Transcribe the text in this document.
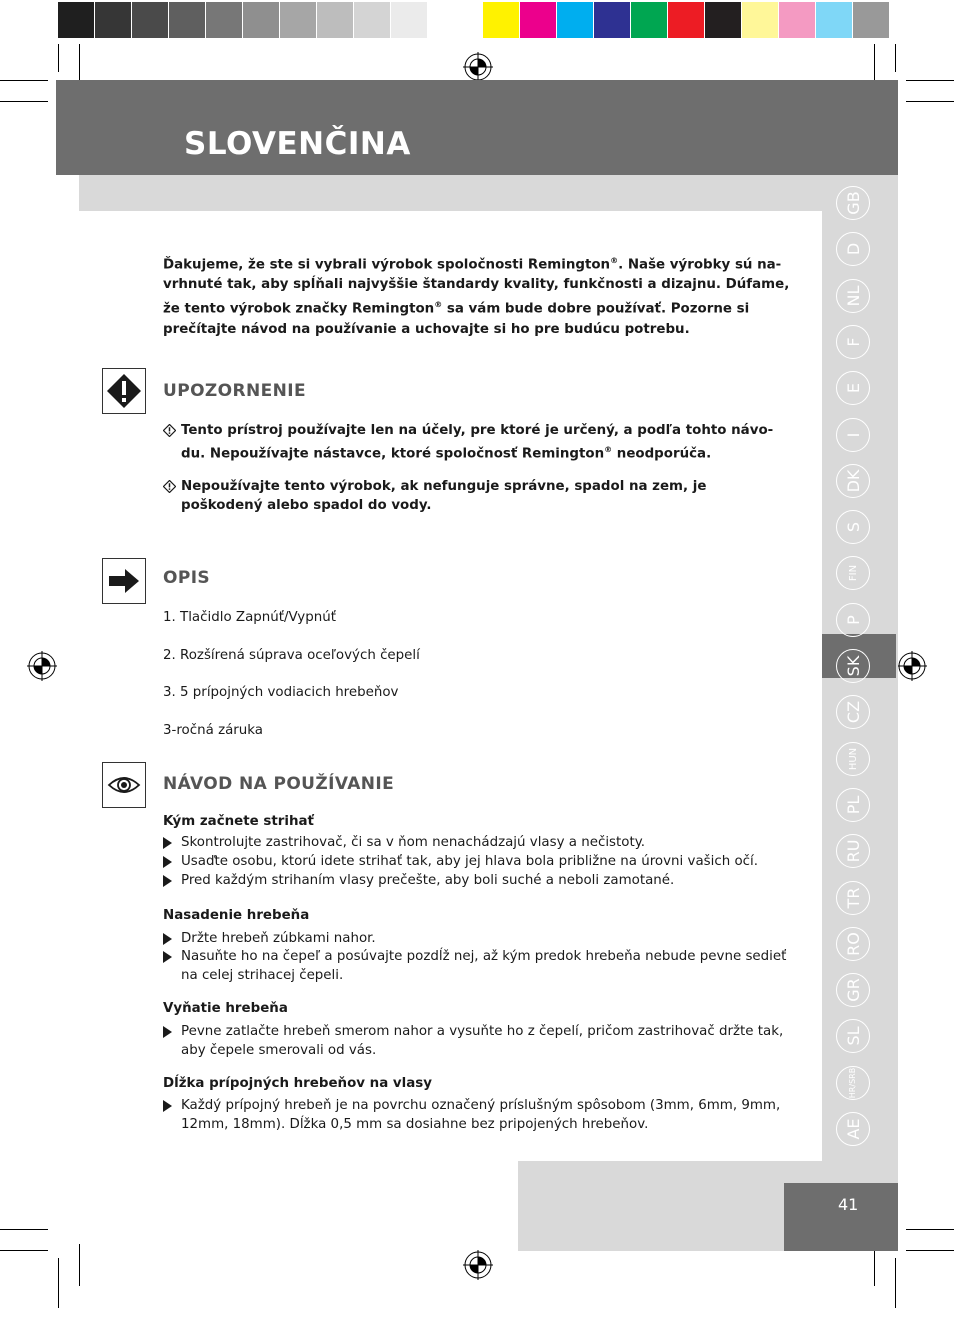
SLOVENČINA
GB
D
NL
F
E
I
DK
S
FIN
P
SK
CZ
HUN
PL
RU
TR
RO
GR
SL
HR/SRB
AE
Ďakujeme, že ste si vybrali výrobok spoločnosti Remington®. Naše výrobky sú na-
vrhnuté tak, aby spĺňali najvyššie štandardy kvality, funkčnosti a dizajnu. Dúfame,
že tento výrobok značky Remington® sa vám bude dobre používať. Pozorne si
prečítajte návod na používanie a uchovajte si ho pre budúcu potrebu.
UPOZORNENIE
Tento prístroj používajte len na účely, pre ktoré je určený, a podľa tohto návo-
du. Nepoužívajte nástavce, ktoré spoločnosť Remington® neodporúča.
Nepoužívajte tento výrobok, ak nefunguje správne, spadol na zem, je
poškodený alebo spadol do vody.
OPIS
1. Tlačidlo Zapnúť/Vypnúť
2. Rozšírená súprava oceľových čepelí
3. 5 prípojných vodiacich hrebeňov
3-ročná záruka
NÁVOD NA POUŽÍVANIE
Kým začnete strihať
Skontrolujte zastrihovač, či sa v ňom nenachádzajú vlasy a nečistoty.
Usaďte osobu, ktorú idete strihať tak, aby jej hlava bola približne na úrovni vašich očí.
Pred každým strihaním vlasy prečešte, aby boli suché a neboli zamotané.
Nasadenie hrebeňa
Držte hrebeň zúbkami nahor.
Nasuňte ho na čepeľ a posúvajte pozdĺž nej, až kým predok hrebeňa nebude pevne sedieť
na celej strihacej čepeli.
Vyňatie hrebeňa
Pevne zatlačte hrebeň smerom nahor a vysuňte ho z čepelí, pričom zastrihovač držte tak,
aby čepele smerovali od vás.
Dĺžka prípojných hrebeňov na vlasy
Každý prípojný hrebeň je na povrchu označený príslušným spôsobom (3mm, 6mm, 9mm,
12mm, 18mm). Dĺžka 0,5 mm sa dosiahne bez pripojených hrebeňov.
41
